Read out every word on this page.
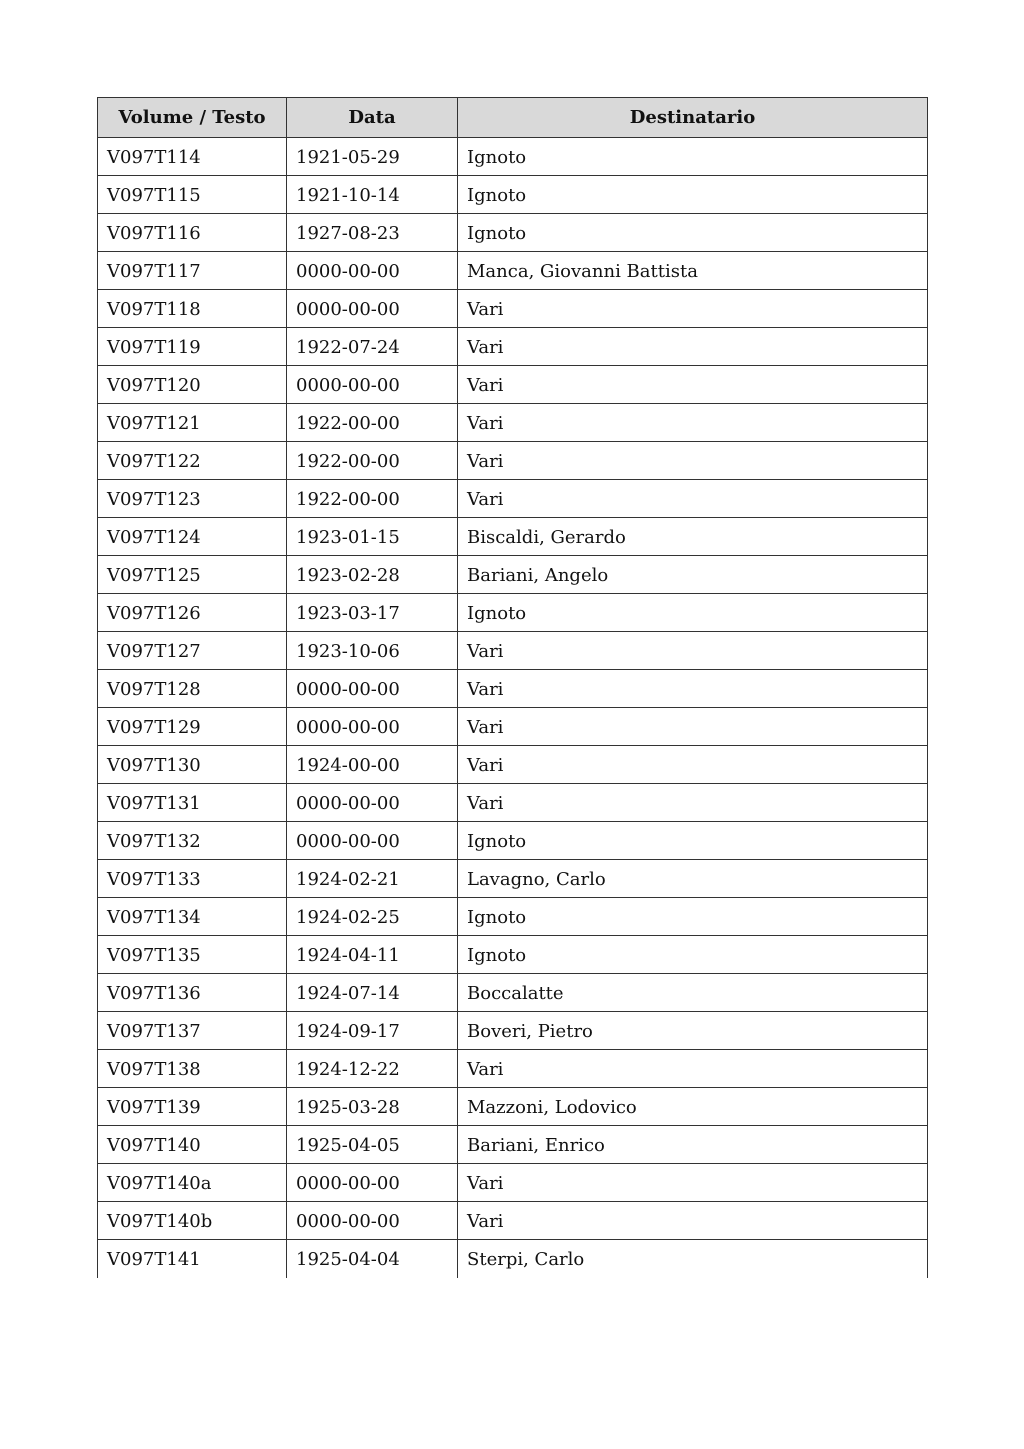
Volume / Testo	Data	Destinatario
V097T114	1921-05-29	Ignoto
V097T115	1921-10-14	Ignoto
V097T116	1927-08-23	Ignoto
V097T117	0000-00-00	Manca, Giovanni Battista
V097T118	0000-00-00	Vari
V097T119	1922-07-24	Vari
V097T120	0000-00-00	Vari
V097T121	1922-00-00	Vari
V097T122	1922-00-00	Vari
V097T123	1922-00-00	Vari
V097T124	1923-01-15	Biscaldi, Gerardo
V097T125	1923-02-28	Bariani, Angelo
V097T126	1923-03-17	Ignoto
V097T127	1923-10-06	Vari
V097T128	0000-00-00	Vari
V097T129	0000-00-00	Vari
V097T130	1924-00-00	Vari
V097T131	0000-00-00	Vari
V097T132	0000-00-00	Ignoto
V097T133	1924-02-21	Lavagno, Carlo
V097T134	1924-02-25	Ignoto
V097T135	1924-04-11	Ignoto
V097T136	1924-07-14	Boccalatte
V097T137	1924-09-17	Boveri, Pietro
V097T138	1924-12-22	Vari
V097T139	1925-03-28	Mazzoni, Lodovico
V097T140	1925-04-05	Bariani, Enrico
V097T140a	0000-00-00	Vari
V097T140b	0000-00-00	Vari
V097T141	1925-04-04	Sterpi, Carlo
